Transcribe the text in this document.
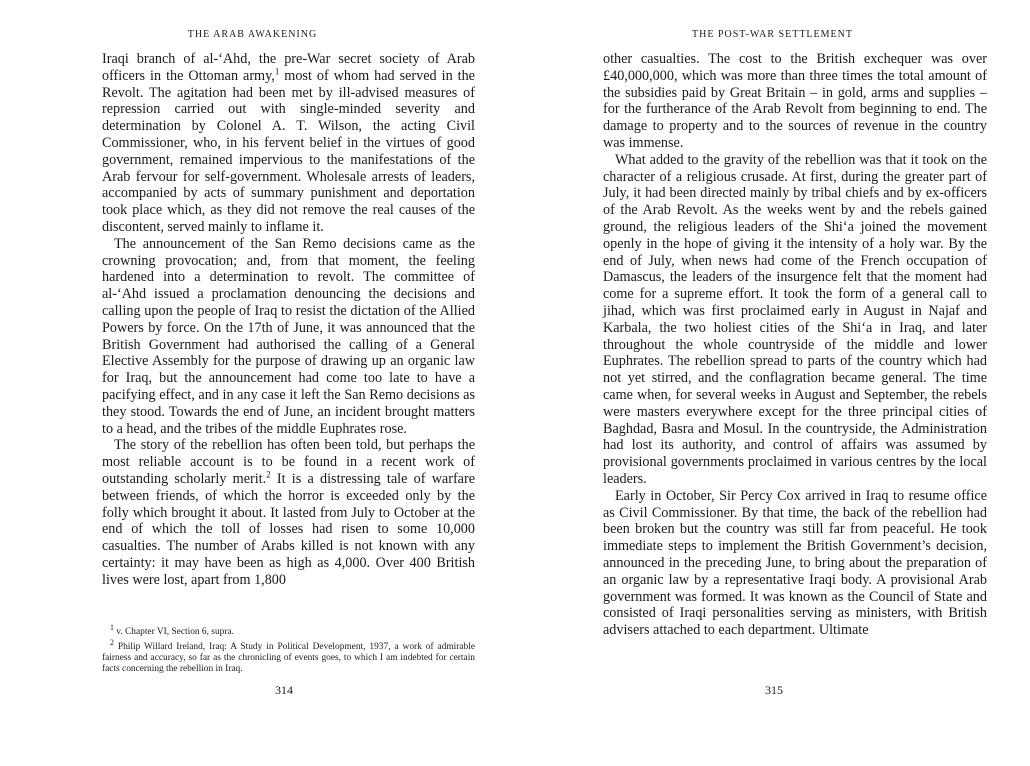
THE ARAB AWAKENING

Iraqi branch of al-‘Ahd, the pre-War secret society of Arab officers in the Ottoman army,$^1$ most of whom had served in the Revolt. The agitation had been met by ill-advised measures of repression carried out with single-minded severity and determination by Colonel A. T. Wilson, the acting Civil Commissioner, who, in his fervent belief in the virtues of good government, remained impervious to the manifestations of the Arab fervour for self-government. Wholesale arrests of leaders, accompanied by acts of summary punishment and deportation took place which, as they did not remove the real causes of the discontent, served mainly to inflame it.

The announcement of the San Remo decisions came as the crowning provocation; and, from that moment, the feeling hardened into a determination to revolt. The committee of al-‘Ahd issued a proclamation denouncing the decisions and calling upon the people of Iraq to resist the dictation of the Allied Powers by force. On the 17th of June, it was announced that the British Government had authorised the calling of a General Elective Assembly for the purpose of drawing up an organic law for Iraq, but the announcement had come too late to have a pacifying effect, and in any case it left the San Remo decisions as they stood. Towards the end of June, an incident brought matters to a head, and the tribes of the middle Euphrates rose.

The story of the rebellion has often been told, but perhaps the most reliable account is to be found in a recent work of outstanding scholarly merit.$^2$ It is a distressing tale of warfare between friends, of which the horror is exceeded only by the folly which brought it about. It lasted from July to October at the end of which the toll of losses had risen to some 10,000 casualties. The number of Arabs killed is not known with any certainty: it may have been as high as 4,000. Over 400 British lives were lost, apart from 1,800

$^1$ v. Chapter VI, Section 6, supra.

$^2$ Philip Willard Ireland, Iraq: A Study in Political Development, 1937, a work of admirable fairness and accuracy, so far as the chronicling of events goes, to which I am indebted for certain facts concerning the rebellion in Iraq.

314
THE POST-WAR SETTLEMENT

other casualties. The cost to the British exchequer was over £40,000,000, which was more than three times the total amount of the subsidies paid by Great Britain – in gold, arms and supplies – for the furtherance of the Arab Revolt from beginning to end. The damage to property and to the sources of revenue in the country was immense.

What added to the gravity of the rebellion was that it took on the character of a religious crusade. At first, during the greater part of July, it had been directed mainly by tribal chiefs and by ex-officers of the Arab Revolt. As the weeks went by and the rebels gained ground, the religious leaders of the Shi‘a joined the movement openly in the hope of giving it the intensity of a holy war. By the end of July, when news had come of the French occupation of Damascus, the leaders of the insurgence felt that the moment had come for a supreme effort. It took the form of a general call to jihad, which was first proclaimed early in August in Najaf and Karbala, the two holiest cities of the Shi‘a in Iraq, and later throughout the whole countryside of the middle and lower Euphrates. The rebellion spread to parts of the country which had not yet stirred, and the conflagration became general. The time came when, for several weeks in August and September, the rebels were masters everywhere except for the three principal cities of Baghdad, Basra and Mosul. In the countryside, the Administration had lost its authority, and control of affairs was assumed by provisional governments proclaimed in various centres by the local leaders.

Early in October, Sir Percy Cox arrived in Iraq to resume office as Civil Commissioner. By that time, the back of the rebellion had been broken but the country was still far from peaceful. He took immediate steps to implement the British Government’s decision, announced in the preceding June, to bring about the preparation of an organic law by a representative Iraqi body. A provisional Arab government was formed. It was known as the Council of State and consisted of Iraqi personalities serving as ministers, with British advisers attached to each department. Ultimate

315
